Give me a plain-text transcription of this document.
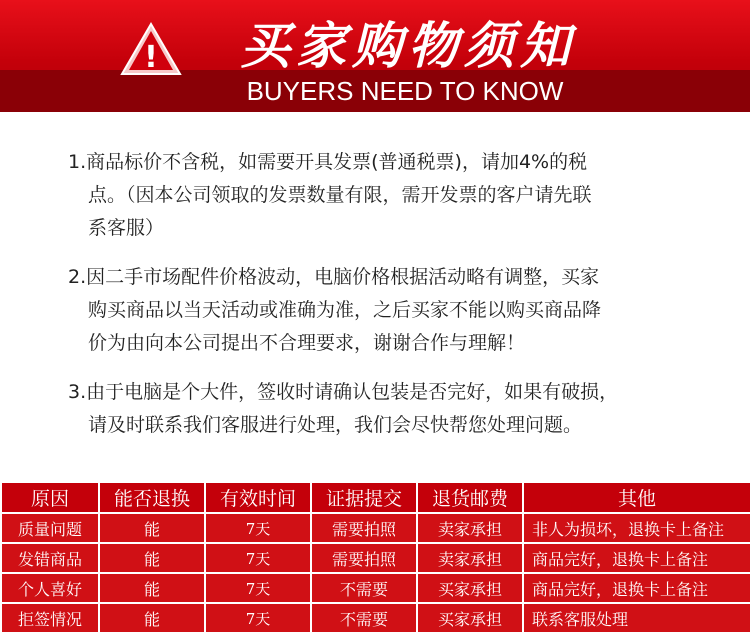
!	买家购物须知
BUYERS NEED TO KNOW
1.商品标价不含税，如需要开具发票(普通税票)，请加4%的税
点。（因本公司领取的发票数量有限，需开发票的客户请先联
系客服）
2.因二手市场配件价格波动，电脑价格根据活动略有调整，买家
购买商品以当天活动或准确为准，之后买家不能以购买商品降
价为由向本公司提出不合理要求，谢谢合作与理解！
3.由于电脑是个大件，签收时请确认包装是否完好，如果有破损，
请及时联系我们客服进行处理，我们会尽快帮您处理问题。
原因	能否退换	有效时间	证据提交	退货邮费	其他
质量问题	能	7天	需要拍照	卖家承担	非人为损坏，退换卡上备注
发错商品	能	7天	需要拍照	卖家承担	商品完好，退换卡上备注
个人喜好	能	7天	不需要	买家承担	商品完好，退换卡上备注
拒签情况	能	7天	不需要	买家承担	联系客服处理
